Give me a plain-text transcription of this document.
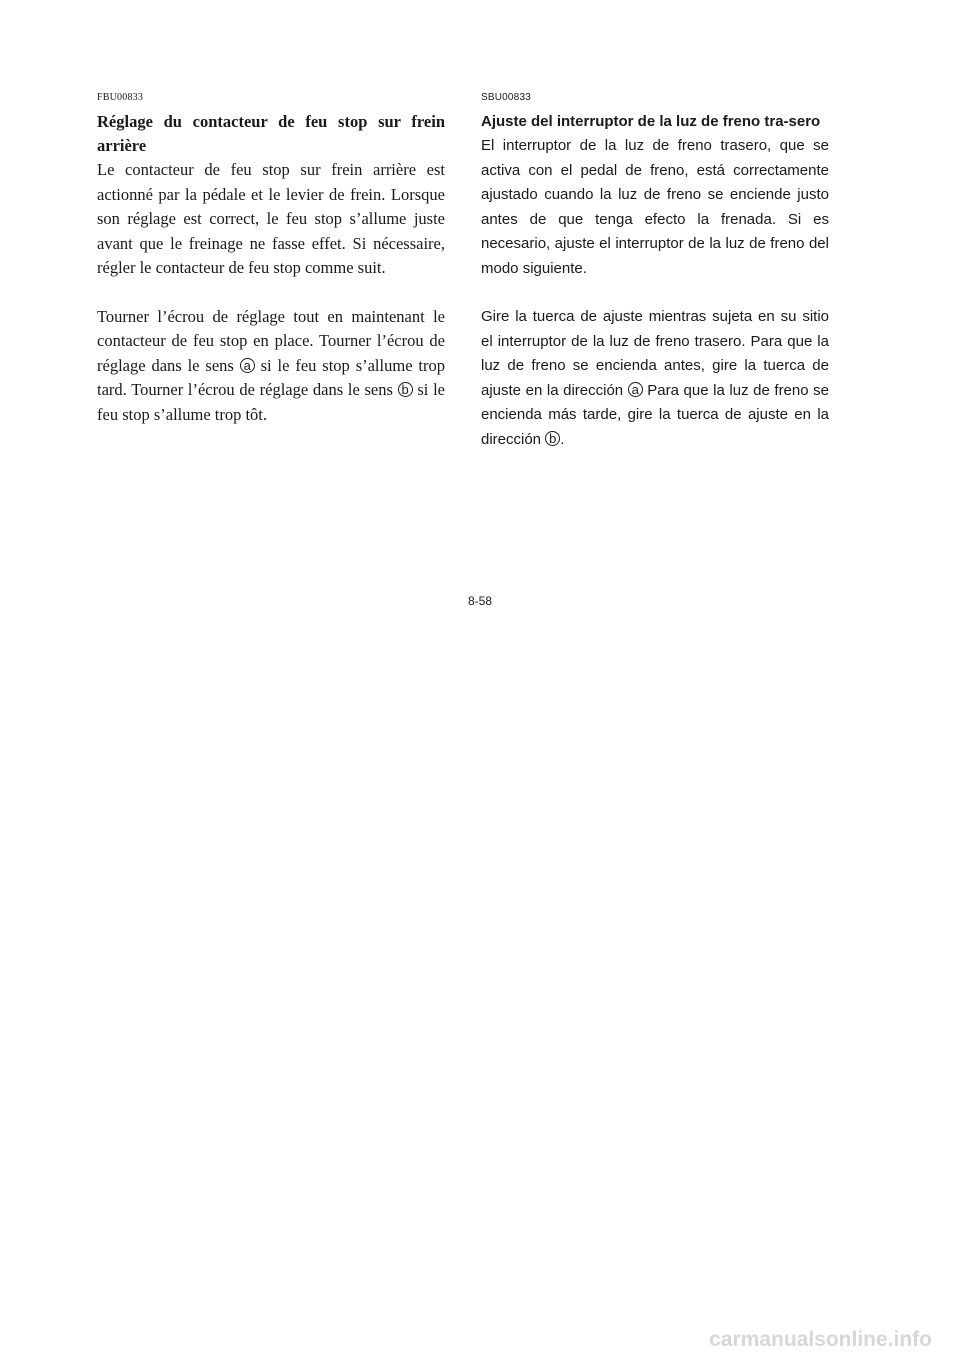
FBU00833
Réglage du contacteur de feu stop sur frein arrière

Le contacteur de feu stop sur frein arrière est actionné par la pédale et le levier de frein. Lorsque son réglage est correct, le feu stop s’allume juste avant que le freinage ne fasse effet. Si nécessaire, régler le contacteur de feu stop comme suit.

Tourner l’écrou de réglage tout en maintenant le contacteur de feu stop en place. Tourner l’écrou de réglage dans le sens a si le feu stop s’allume trop tard. Tourner l’écrou de réglage dans le sens b si le feu stop s’allume trop tôt.

SBU00833
Ajuste del interruptor de la luz de freno tra-sero

El interruptor de la luz de freno trasero, que se activa con el pedal de freno, está correctamente ajustado cuando la luz de freno se enciende justo antes de que tenga efecto la frenada. Si es necesario, ajuste el interruptor de la luz de freno del modo siguiente.

Gire la tuerca de ajuste mientras sujeta en su sitio el interruptor de la luz de freno trasero. Para que la luz de freno se encienda antes, gire la tuerca de ajuste en la dirección a Para que la luz de freno se encienda más tarde, gire la tuerca de ajuste en la dirección b .

8-58
carmanualsonline.info
